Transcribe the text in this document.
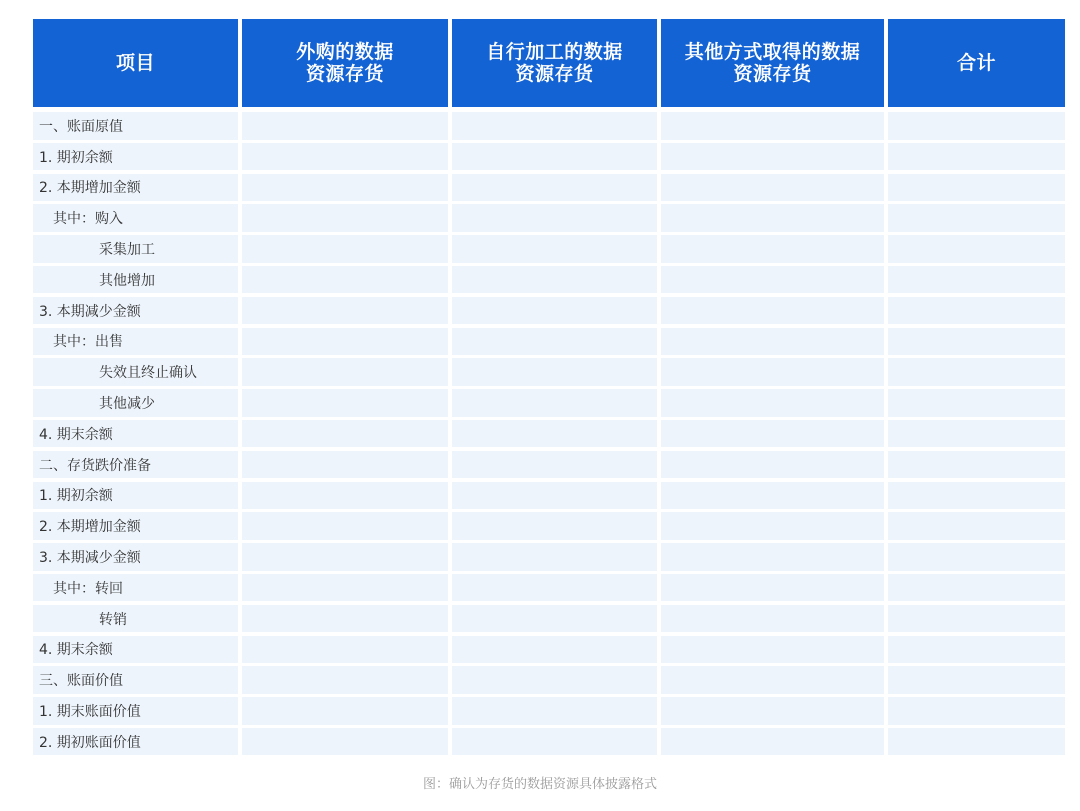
项目	外购的数据
资源存货
自行加工的数据
资源存货
其他方式取得的数据
资源存货	合计
一、账面原值
1. 期初余额
2. 本期增加金额
其中：购入
采集加工
其他增加
3. 本期减少金额
其中：出售
失效且终止确认
其他减少
4. 期末余额
二、存货跌价准备
1. 期初余额
2. 本期增加金额
3. 本期减少金额
其中：转回
转销
4. 期末余额
三、账面价值
1. 期末账面价值
2. 期初账面价值
图：确认为存货的数据资源具体披露格式
